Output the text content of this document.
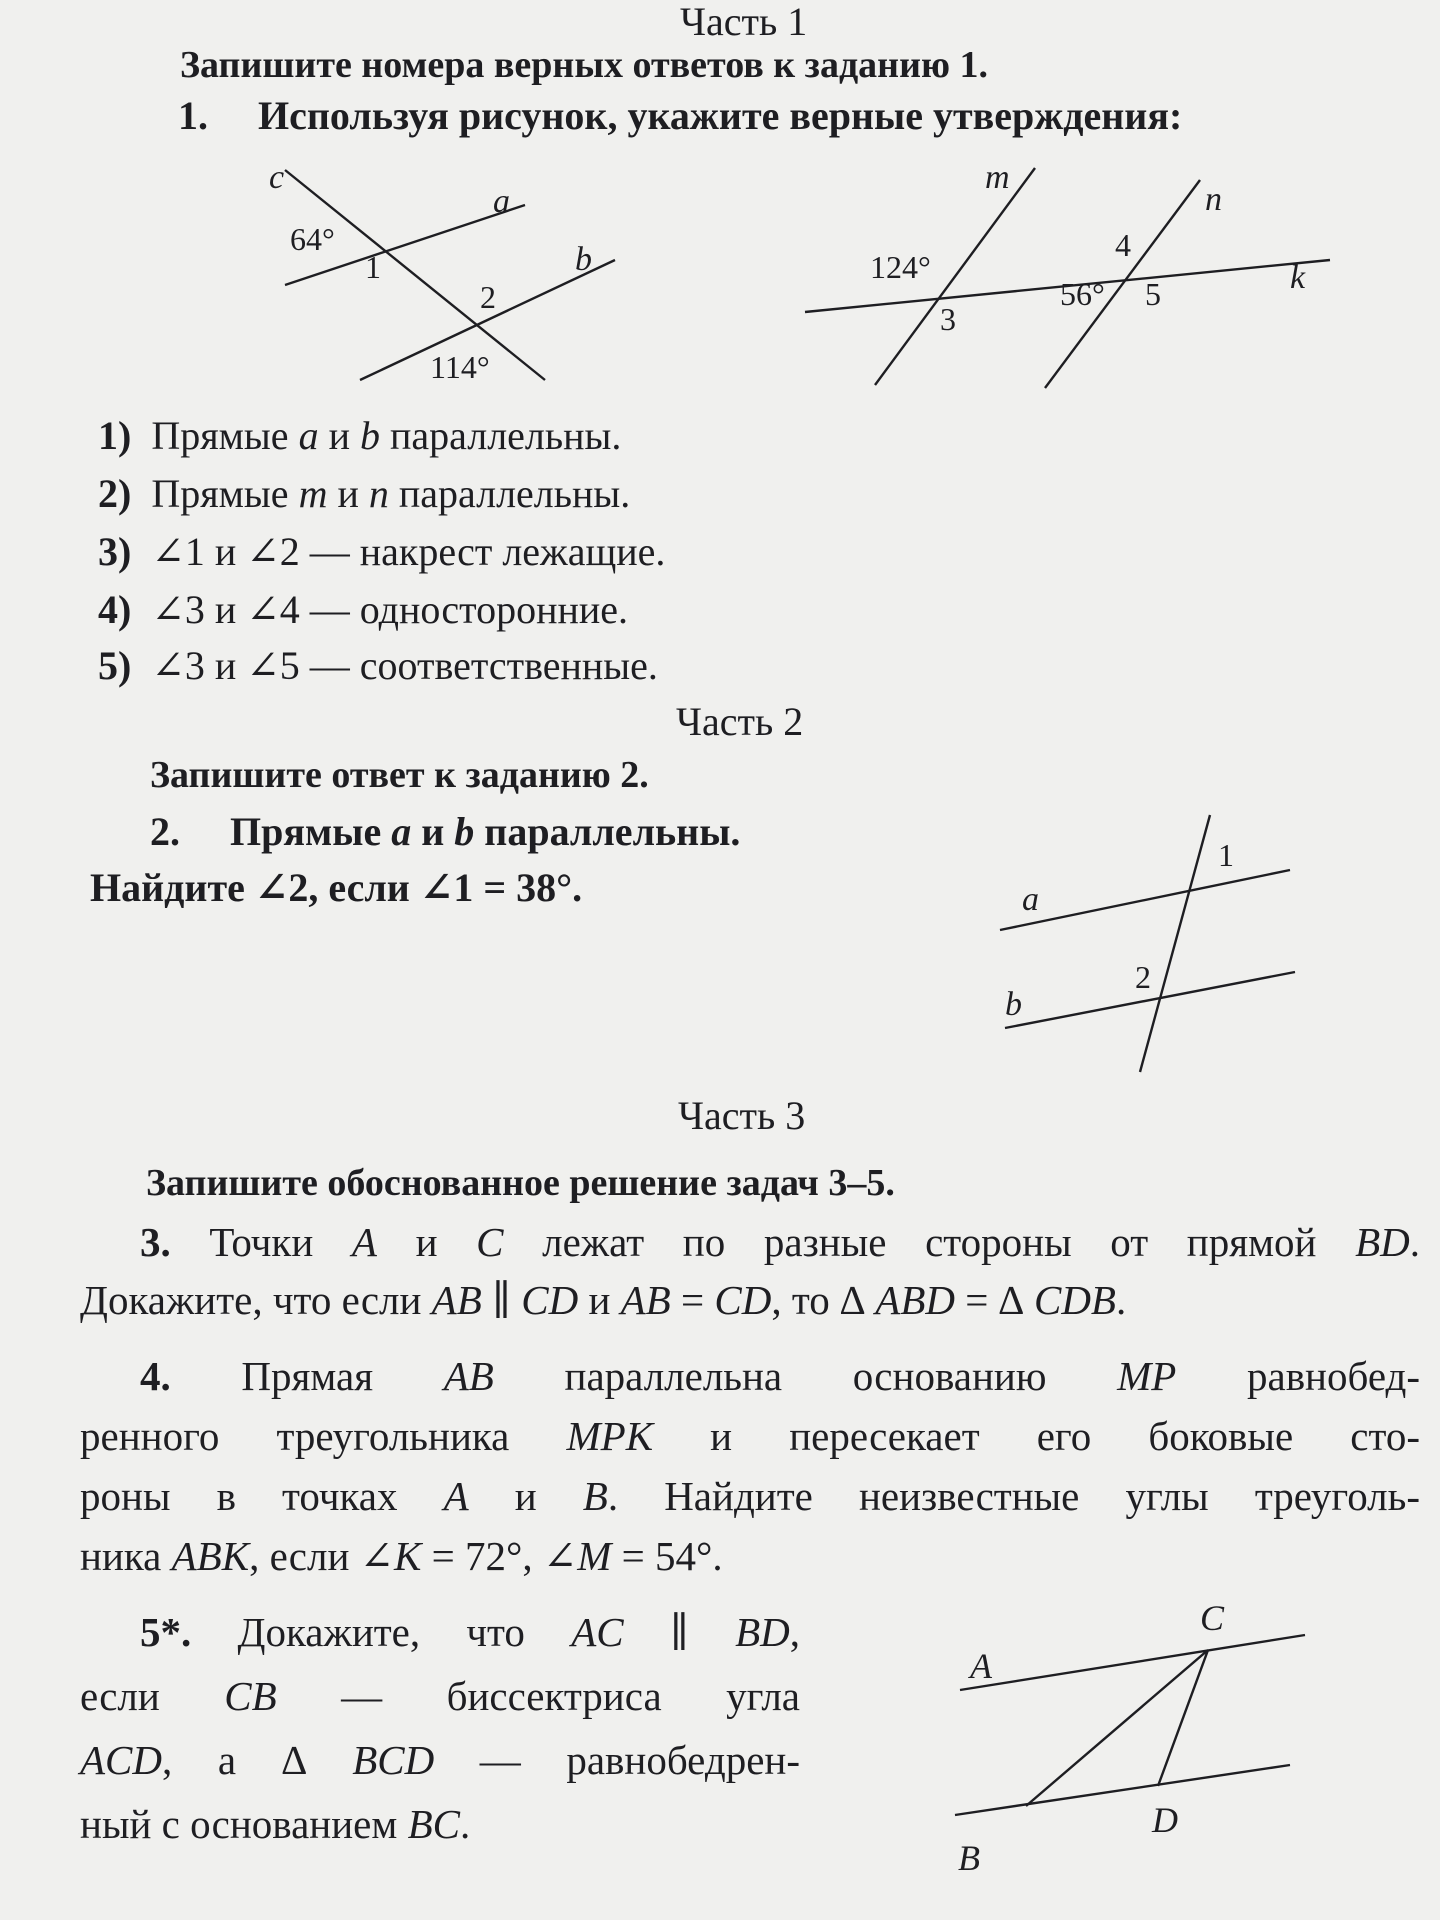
Часть 1
Запишите номера верных ответов к заданию 1.
1. Используя рисунок, укажите верные утверждения:
c
a
b
64°
1
2
114°
m
n
k
124°
3
4
56° 5
1) Прямые a и b параллельны.
2) Прямые m и n параллельны.
3) ∠1 и ∠2 — накрест лежащие.
4) ∠3 и ∠4 — односторонние.
5) ∠3 и ∠5 — соответственные.
Часть 2
Запишите ответ к заданию 2.
2. Прямые a и b параллельны.
Найдите ∠2, если ∠1 = 38°.	a
b
1
2
Часть 3
Запишите обоснованное решение задач 3–5.
3. Точки A и C лежат по разные стороны от прямой BD.
Докажите, что если AB ∥ CD и AB = CD, то ∆ ABD = ∆ CDB.
4. Прямая AB параллельна основанию MP равнобед-
ренного треугольника MPK и пересекает его боковые сто-
роны в точках A и B. Найдите неизвестные углы треуголь-
ника ABK, если ∠K = 72°, ∠M = 54°.
5*. Докажите, что AC ∥ BD,
если CB — биссектриса угла
ACD, а ∆ BCD — равнобедрен-
ный с основанием BC.
A
C
D
B
